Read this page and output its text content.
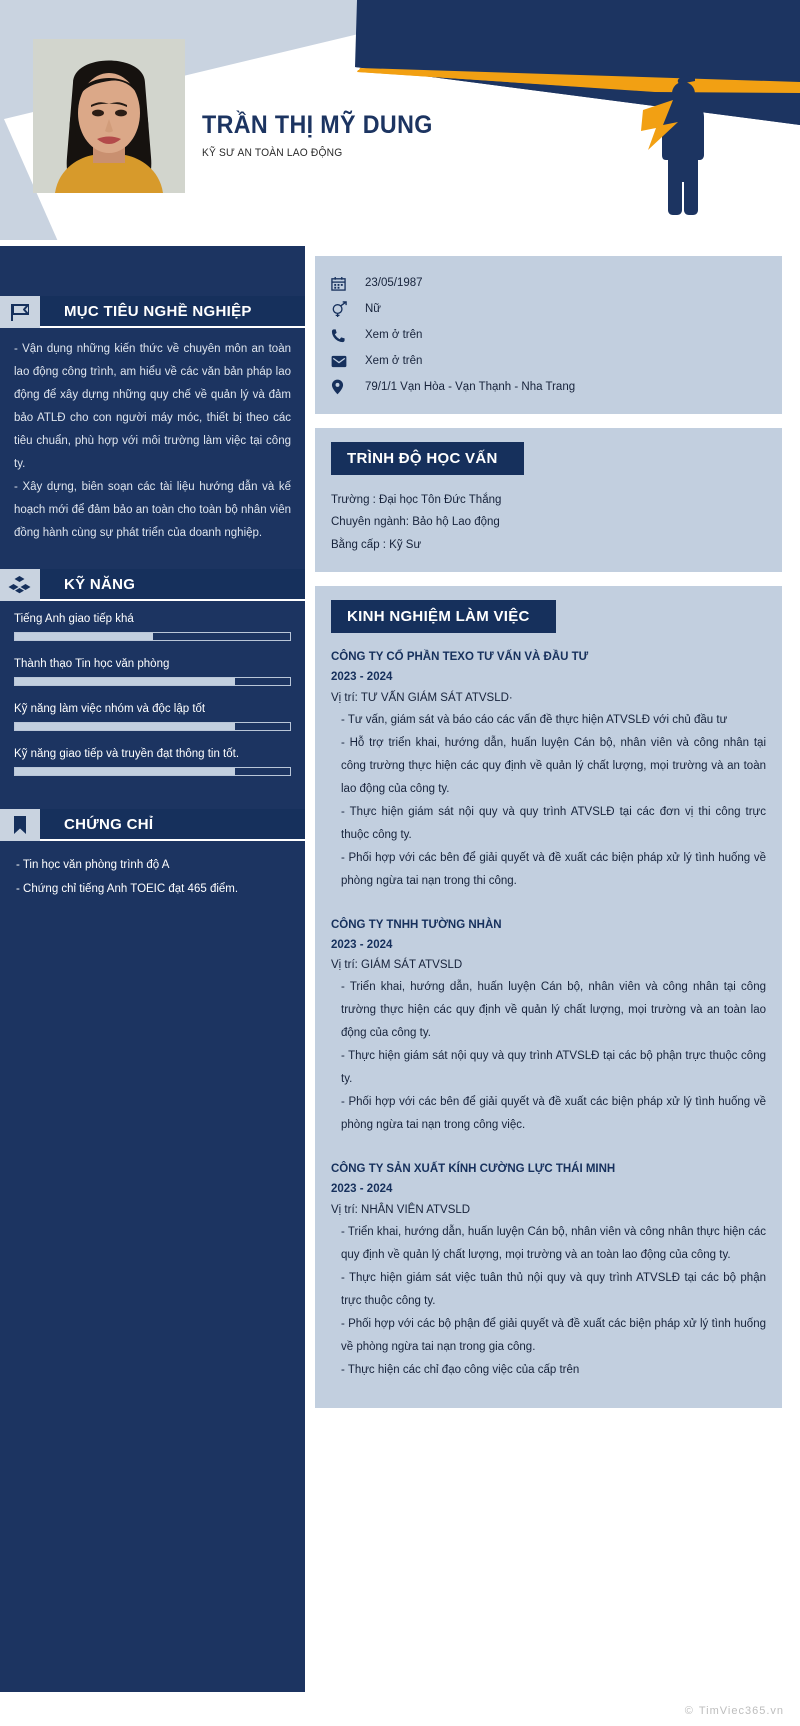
TRẦN THỊ MỸ DUNG
KỸ SƯ AN TOÀN LAO ĐỘNG
MỤC TIÊU NGHỀ NGHIỆP

- Vận dụng những kiến thức về chuyên môn an toàn lao động công trình, am hiểu về các văn bản pháp lao động để xây dựng những quy chế về quản lý và đảm bảo ATLĐ cho con người máy móc, thiết bị theo các tiêu chuẩn, phù hợp với môi trường làm việc tại công ty.

- Xây dựng, biên soạn các tài liệu hướng dẫn và kế hoạch mới để đảm bảo an toàn cho toàn bộ nhân viên đồng hành cùng sự phát triển của doanh nghiệp.

KỸ NĂNG
Tiếng Anh giao tiếp khá
Thành thạo Tin học văn phòng
Kỹ năng làm việc nhóm và độc lập tốt
Kỹ năng giao tiếp và truyền đạt thông tin tốt.
CHỨNG CHỈ
- Tin học văn phòng trình độ A
- Chứng chỉ tiếng Anh TOEIC đạt 465 điểm.
23/05/1987
Nữ
Xem ở trên
Xem ở trên
79/1/1 Vạn Hòa - Vạn Thạnh - Nha Trang
TRÌNH ĐỘ HỌC VẤN
Trường : Đại học Tôn Đức Thắng
Chuyên ngành: Bảo hộ Lao động
Bằng cấp : Kỹ Sư
KINH NGHIỆM LÀM VIỆC
CÔNG TY CỔ PHẦN TEXO TƯ VẤN VÀ ĐẦU TƯ
2023 - 2024
Vị trí: TƯ VẤN GIÁM SÁT ATVSLD·
- Tư vấn, giám sát và báo cáo các vấn đề thực hiện ATVSLĐ với chủ đầu tư
- Hỗ trợ triển khai, hướng dẫn, huấn luyện Cán bộ, nhân viên và công nhân tại công trường thực hiện các quy định về quản lý chất lượng, mọi trường và an toàn lao động của công ty.
- Thực hiện giám sát nội quy và quy trình ATVSLĐ tại các đơn vị thi công trực thuộc công ty.
- Phối hợp với các bên để giải quyết và đề xuất các biện pháp xử lý tình huống về phòng ngừa tai nạn trong thi công.
CÔNG TY TNHH TƯỜNG NHÀN
2023 - 2024
Vị trí: GIÁM SÁT ATVSLD
- Triển khai, hướng dẫn, huấn luyện Cán bộ, nhân viên và công nhân tại công trường thực hiện các quy định về quản lý chất lượng, mọi trường và an toàn lao động của công ty.
- Thực hiện giám sát nội quy và quy trình ATVSLĐ tại các bộ phận trực thuộc công ty.
- Phối hợp với các bên để giải quyết và đề xuất các biện pháp xử lý tình huống về phòng ngừa tai nạn trong công việc.
CÔNG TY SẢN XUẤT KÍNH CƯỜNG LỰC THÁI MINH
2023 - 2024
Vị trí: NHÂN VIÊN ATVSLD
- Triển khai, hướng dẫn, huấn luyện Cán bộ, nhân viên và công nhân thực hiện các quy định về quản lý chất lượng, mọi trường và an toàn lao động của công ty.
- Thực hiện giám sát việc tuân thủ nội quy và quy trình ATVSLĐ tại các bộ phận trực thuộc công ty.
- Phối hợp với các bộ phận để giải quyết và đề xuất các biện pháp xử lý tình huống về phòng ngừa tai nạn trong gia công.
- Thực hiện các chỉ đạo công việc của cấp trên
© TimViec365.vn
